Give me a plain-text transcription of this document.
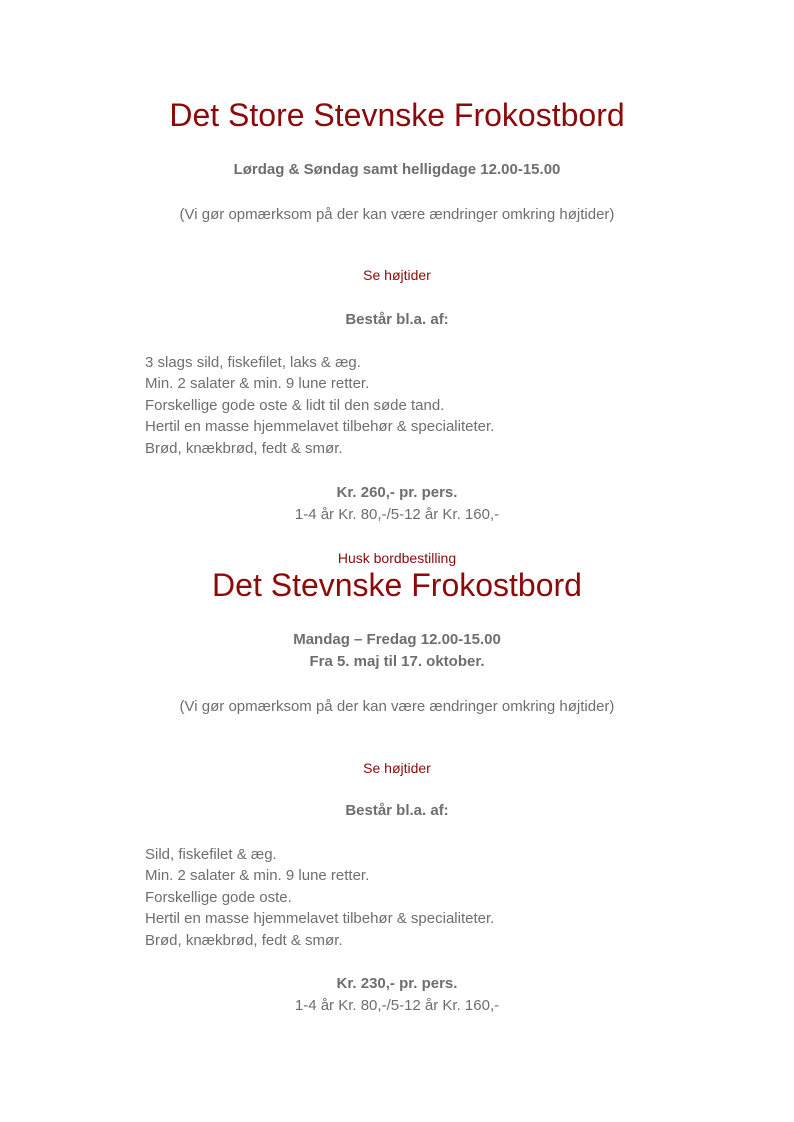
Det Store Stevnske Frokostbord
Lørdag & Søndag samt helligdage 12.00-15.00
(Vi gør opmærksom på der kan være ændringer omkring højtider)
Se højtider
Består bl.a. af:
3 slags sild, fiskefilet, laks & æg.
Min. 2 salater & min. 9 lune retter.
Forskellige gode oste & lidt til den søde tand.
Hertil en masse hjemmelavet tilbehør & specialiteter.
Brød, knækbrød, fedt & smør.
Kr. 260,- pr. pers.
1-4 år Kr. 80,-/5-12 år Kr. 160,-
Husk bordbestilling
Det Stevnske Frokostbord
Mandag – Fredag 12.00-15.00
Fra 5. maj til 17. oktober.
(Vi gør opmærksom på der kan være ændringer omkring højtider)
Se højtider
Består bl.a. af:
Sild, fiskefilet & æg.
Min. 2 salater & min. 9 lune retter.
Forskellige gode oste.
Hertil en masse hjemmelavet tilbehør & specialiteter.
Brød, knækbrød, fedt & smør.
Kr. 230,- pr. pers.
1-4 år Kr. 80,-/5-12 år Kr. 160,-
